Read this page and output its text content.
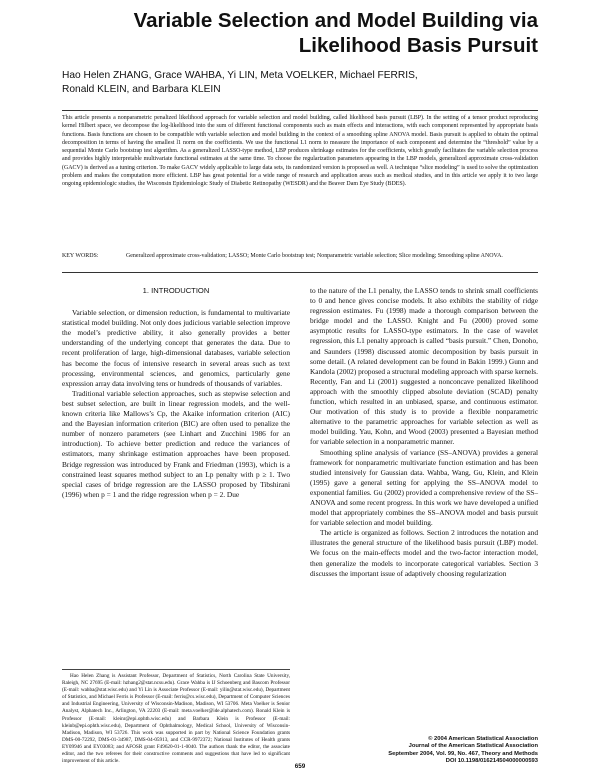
Variable Selection and Model Building via
Likelihood Basis Pursuit
Hao Helen ZHANG, Grace WAHBA, Yi LIN, Meta VOELKER, Michael FERRIS,
Ronald KLEIN, and Barbara KLEIN
This article presents a nonparametric penalized likelihood approach for variable selection and model building, called likelihood basis pursuit (LBP). In the setting of a tensor product reproducing kernel Hilbert space, we decompose the log-likelihood into the sum of different functional components such as main effects and interactions, with each component represented by appropriate basis functions. Basis functions are chosen to be compatible with variable selection and model building in the context of a smoothing spline ANOVA model. Basis pursuit is applied to obtain the optimal decomposition in terms of having the smallest l1 norm on the coefficients. We use the functional L1 norm to measure the importance of each component and determine the “threshold” value by a sequential Monte Carlo bootstrap test algorithm. As a generalized LASSO-type method, LBP produces shrinkage estimates for the coefficients, which greatly facilitates the variable selection process and provides highly interpretable multivariate functional estimates at the same time. To choose the regularization parameters appearing in the LBP models, generalized approximate cross-validation (GACV) is derived as a tuning criterion. To make GACV widely applicable to large data sets, its randomized version is proposed as well. A technique “slice modeling” is used to solve the optimization problem and makes the computation more efficient. LBP has great potential for a wide range of research and application areas such as medical studies, and in this article we apply it to two large ongoing epidemiologic studies, the Wisconsin Epidemiologic Study of Diabetic Retinopathy (WESDR) and the Beaver Dam Eye Study (BDES).
KEY WORDS:	Generalized approximate cross-validation; LASSO; Monte Carlo bootstrap test; Nonparametric variable selection; Slice modeling; Smoothing spline ANOVA.
1. INTRODUCTION

Variable selection, or dimension reduction, is fundamental to multivariate statistical model building. Not only does judicious variable selection improve the model’s predictive ability, it also generally provides a better understanding of the underlying concept that generates the data. Due to recent proliferation of large, high-dimensional databases, variable selection has become the focus of intensive research in several areas such as text processing, environmental sciences, and genomics, particularly gene expression array data involving tens or hundreds of thousands of variables.

Traditional variable selection approaches, such as stepwise selection and best subset selection, are built in linear regression models, and the well-known criteria like Mallows’s Cp, the Akaike information criterion (AIC) and the Bayesian information criterion (BIC) are often used to penalize the number of nonzero parameters (see Linhart and Zucchini 1986 for an introduction). To achieve better prediction and reduce the variances of estimators, many shrinkage estimation approaches have been proposed. Bridge regression was introduced by Frank and Friedman (1993), which is a constrained least squares method subject to an Lp penalty with p ≥ 1. Two special cases of bridge regression are the LASSO proposed by Tibshirani (1996) when p = 1 and the ridge regression when p = 2. Due

to the nature of the L1 penalty, the LASSO tends to shrink small coefficients to 0 and hence gives concise models. It also exhibits the stability of ridge regression estimates. Fu (1998) made a thorough comparison between the bridge model and the LASSO. Knight and Fu (2000) proved some asymptotic results for LASSO-type estimators. In the case of wavelet regression, this L1 penalty approach is called “basis pursuit.” Chen, Donoho, and Saunders (1998) discussed atomic decomposition by basis pursuit in some detail. (A related development can be found in Bakin 1999.) Gunn and Kandola (2002) proposed a structural modeling approach with sparse kernels. Recently, Fan and Li (2001) suggested a nonconcave penalized likelihood approach with the smoothly clipped absolute deviation (SCAD) penalty function, which resulted in an unbiased, sparse, and continuous estimator. Our motivation of this study is to provide a flexible nonparametric alternative to the parametric approaches for variable selection as well as model building. Yau, Kohn, and Wood (2003) presented a Bayesian method for variable selection in a nonparametric manner.

Smoothing spline analysis of variance (SS–ANOVA) provides a general framework for nonparametric multivariate function estimation and has been studied intensively for Gaussian data. Wahba, Wang, Gu, Klein, and Klein (1995) gave a general setting for applying the SS–ANOVA model to exponential families. Gu (2002) provided a comprehensive review of the SS–ANOVA and some recent progress. In this work we have developed a unified model that appropriately combines the SS–ANOVA model and basis pursuit for variable selection and model building.

The article is organized as follows. Section 2 introduces the notation and illustrates the general structure of the likelihood basis pursuit (LBP) model. We focus on the main-effects model and the two-factor interaction model, then generalize the models to incorporate categorical variables. Section 3 discusses the important issue of adaptively choosing regularization

Hao Helen Zhang is Assistant Professor, Department of Statistics, North Carolina State University, Raleigh, NC 27695 (E-mail: hzhang2@stat.ncsu.edu). Grace Wahba is IJ Schoenberg and Bascom Professor (E-mail: wahba@stat.wisc.edu) and Yi Lin is Associate Professor (E-mail: yilin@stat.wisc.edu), Department of Statistics, and Michael Ferris is Professor (E-mail: ferris@cs.wisc.edu), Department of Computer Sciences and Industrial Engineering, University of Wisconsin-Madison, Madison, WI 53706. Meta Voelker is Senior Analyst, Alphatech Inc., Arlington, VA 22203 (E-mail: meta.voelker@ide.alphatech.com). Ronald Klein is Professor (E-mail: kleinr@epi.ophth.wisc.edu) and Barbara Klein is Professor (E-mail: kleinb@epi.ophth.wisc.edu), Department of Ophthalmology, Medical School, University of Wisconsin-Madison, Madison, WI 53726. This work was supported in part by National Science Foundation grants DMS-00-72292, DMS-01-34987, DMS-04-05913, and CCR-9972372; National Institutes of Health grants EY09946 and EY03083; and AFOSR grant F49620-01-1-0040. The authors thank the editor, the associate editor, and the two referees for their constructive comments and suggestions that have led to significant improvement of this article.

© 2004 American Statistical Association
Journal of the American Statistical Association
September 2004, Vol. 99, No. 467, Theory and Methods
DOI 10.1198/016214504000000593
659
